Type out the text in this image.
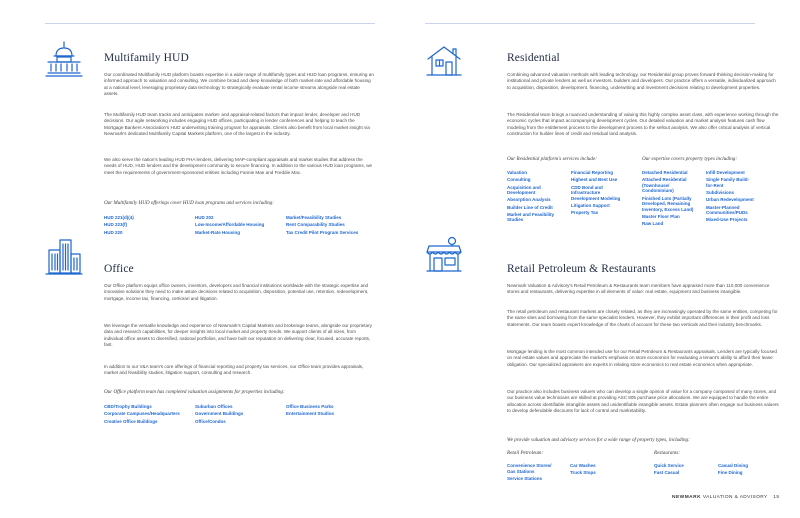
Multifamily HUD

Our coordinated Multifamily HUD platform boasts expertise in a wide range of multifamily types and HUD loan programs, ensuring an informed approach to valuation and consulting. We combine broad and deep knowledge of both market-rate and affordable housing at a national level, leveraging proprietary data technology to strategically evaluate rental income streams alongside real estate assets.

The Multifamily HUD team tracks and anticipates market- and appraisal-related factors that impact lender, developer and HUD decisions. Our agile networking includes engaging HUD offices, participating in lender conferences and helping to teach the Mortgage Bankers Association's HUD underwriting training program for appraisals. Clients also benefit from local market insight via Newmark's dedicated Multifamily Capital Markets platform, one of the largest in the industry.

We also serve the nation's leading HUD FHA lenders, delivering MAP-compliant appraisals and market studies that address the needs of HUD, HUD lenders and the development community to secure financing. In addition to the various HUD loan programs, we meet the requirements of government-sponsored entities including Fannie Mae and Freddie Mac.

Our Multifamily HUD offerings cover HUD loan programs and services including:

HUD 221(d)(4)
HUD 223(f)
HUD 220
HUD 202
Low-Income/Affordable Housing
Market-Rate Housing
Market/Feasibility Studies
Rent Comparability Studies
Tax Credit Pilot Program Services
Office

Our Office platform equips office owners, investors, developers and financial institutions worldwide with the strategic expertise and innovative solutions they need to make astute decisions related to acquisition, disposition, potential use, retention, redevelopment, mortgage, income tax, financing, certiorari and litigation.

We leverage the versatile knowledge and experience of Newmark's Capital Markets and brokerage teams, alongside our proprietary data and research capabilities, for deeper insights into local market and property trends. We support clients of all sizes, from individual office assets to diversified, national portfolios, and have built our reputation on delivering clear, focused, accurate reports, fast.

In addition to our V&A team's core offerings of financial reporting and property tax services, our Office team provides appraisals, market and feasibility studies, litigation support, consulting and research.

Our Office platform team has completed valuation assignments for properties including:

CBD/Trophy Buildings
Corporate Campuses/Headquarters
Creative Office Buildings
Suburban Offices
Government Buildings
Office/Condos
Office Business Parks
Entertainment Studios
Residential

Combining advanced valuation methods with leading technology, our Residential group proves forward-thinking decision-making for institutional and private lenders as well as investors, builders and developers. Our practice offers a versatile, individualized approach to acquisition, disposition, development, financing, underwriting and investment decisions relating to development properties.

The Residential team brings a nuanced understanding of valuing this highly complex asset class, with experience working through the economic cycles that impact accompanying development cycles. Our detailed valuation and market analysis features cash flow modeling from the entitlement process to the development process to the sellout analysis. We also offer critical analysis of vertical construction for builder lines of credit and residual land analysis.

Our Residential platform's services include:	Our expertise covers property types including:

Valuation
Consulting
Acquisition and
Development
Absorption Analysis
Builder Line of Credit
Market and Feasibility
Studies
Financial Reporting
Highest and Best Use
CDD Bond and
Infrastructure
Development Modeling
Litigation Support
Property Tax
Detached Residential
Attached Residential
(Townhouse/
Condominium)
Finished Lots (Partially
Developed, Remaining
Inventory, Excess Land)
Master Floor Plan
Raw Land
Infill Development
Single Family Build-
for-Rent
Subdivisions
Urban Redevelopment
Master-Planned
Communities/PUDs
Mixed-Use Projects
Retail Petroleum & Restaurants

Newmark Valuation & Advisory's Retail Petroleum & Restaurants team members have appraised more than 110,000 convenience stores and restaurants, delivering expertise in all elements of value: real estate, equipment and business intangible.

The retail petroleum and restaurant markets are closely related, as they are increasingly operated by the same entities, competing for the same sites and borrowing from the same specialist lenders. However, they exhibit important differences in their profit and loss statements. Our team boasts expert knowledge of the charts of account for these two verticals and their industry benchmarks.

Mortgage lending is the most common intended use for our Retail Petroleum & Restaurants appraisals. Lenders are typically focused on real estate values and appreciate the market's emphasis on store economics for evaluating a tenant's ability to afford their lease obligation. Our specialized appraisers are experts in relating store economics to real estate economics when appropriate.

Our practice also includes business valuers who can develop a single opinion of value for a company composed of many stores, and our business value technicians are skilled at providing ASC 805 purchase price allocations. We are equipped to handle the entire allocation across identifiable intangible assets and unidentifiable intangible assets. Estate planners often engage our business valuers to develop defendable discounts for lack of control and marketability.

We provide valuation and advisory services for a wide range of property types, including:

Retail Petroleum:	Restaurants:

Convenience Stores/
Gas Stations
Service Stations
Car Washes
Truck Stops
Quick Service
Fast Casual
Casual Dining
Fine Dining
NEWMARK VALUATION & ADVISORY 15
